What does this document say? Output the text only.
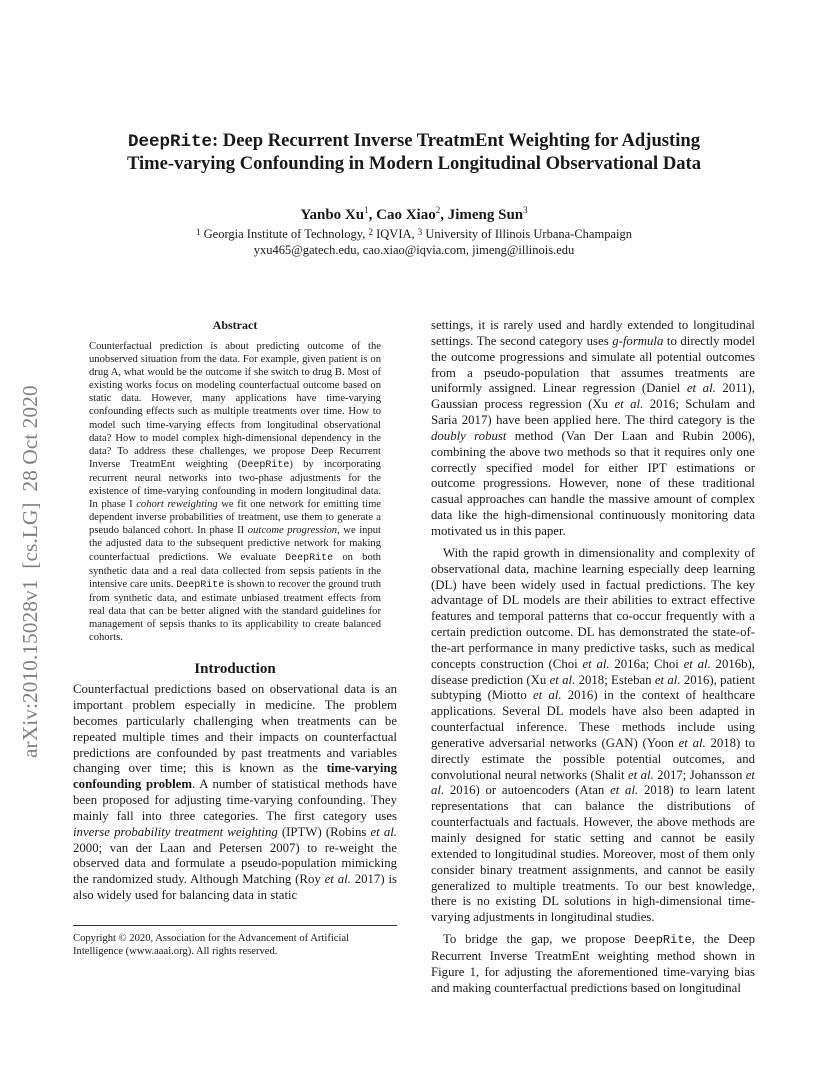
arXiv:2010.15028v1  [cs.LG]  28 Oct 2020
DeepRite: Deep Recurrent Inverse TreatmEnt Weighting for Adjusting
Time-varying Confounding in Modern Longitudinal Observational Data
Yanbo Xu$^1$, Cao Xiao$^2$, Jimeng Sun$^3$
$^1$ Georgia Institute of Technology, $^2$ IQVIA, $^3$ University of Illinois Urbana-Champaign
yxu465@gatech.edu, cao.xiao@iqvia.com, jimeng@illinois.edu
Abstract

Counterfactual prediction is about predicting outcome of the unobserved situation from the data. For example, given patient is on drug A, what would be the outcome if she switch to drug B. Most of existing works focus on modeling counterfactual outcome based on static data. However, many applications have time-varying confounding effects such as multiple treatments over time. How to model such time-varying effects from longitudinal observational data? How to model complex high-dimensional dependency in the data? To address these challenges, we propose Deep Recurrent Inverse TreatmEnt weighting (DeepRite) by incorporating recurrent neural networks into two-phase adjustments for the existence of time-varying confounding in modern longitudinal data. In phase I cohort reweighting we fit one network for emitting time dependent inverse probabilities of treatment, use them to generate a pseudo balanced cohort. In phase II outcome progression, we input the adjusted data to the subsequent predictive network for making counterfactual predictions. We evaluate DeepRite on both synthetic data and a real data collected from sepsis patients in the intensive care units. DeepRite is shown to recover the ground truth from synthetic data, and estimate unbiased treatment effects from real data that can be better aligned with the standard guidelines for management of sepsis thanks to its applicability to create balanced cohorts.

Introduction

Counterfactual predictions based on observational data is an important problem especially in medicine. The problem becomes particularly challenging when treatments can be repeated multiple times and their impacts on counterfactual predictions are confounded by past treatments and variables changing over time; this is known as the time-varying confounding problem. A number of statistical methods have been proposed for adjusting time-varying confounding. They mainly fall into three categories. The first category uses inverse probability treatment weighting (IPTW) (Robins et al. 2000; van der Laan and Petersen 2007) to re-weight the observed data and formulate a pseudo-population mimicking the randomized study. Although Matching (Roy et al. 2017) is also widely used for balancing data in static

Copyright © 2020, Association for the Advancement of Artificial Intelligence (www.aaai.org). All rights reserved.

settings, it is rarely used and hardly extended to longitudinal settings. The second category uses g-formula to directly model the outcome progressions and simulate all potential outcomes from a pseudo-population that assumes treatments are uniformly assigned. Linear regression (Daniel et al. 2011), Gaussian process regression (Xu et al. 2016; Schulam and Saria 2017) have been applied here. The third category is the doubly robust method (Van Der Laan and Rubin 2006), combining the above two methods so that it requires only one correctly specified model for either IPT estimations or outcome progressions. However, none of these traditional casual approaches can handle the massive amount of complex data like the high-dimensional continuously monitoring data motivated us in this paper.

With the rapid growth in dimensionality and complexity of observational data, machine learning especially deep learning (DL) have been widely used in factual predictions. The key advantage of DL models are their abilities to extract effective features and temporal patterns that co-occur frequently with a certain prediction outcome. DL has demonstrated the state-of-the-art performance in many predictive tasks, such as medical concepts construction (Choi et al. 2016a; Choi et al. 2016b), disease prediction (Xu et al. 2018; Esteban et al. 2016), patient subtyping (Miotto et al. 2016) in the context of healthcare applications. Several DL models have also been adapted in counterfactual inference. These methods include using generative adversarial networks (GAN) (Yoon et al. 2018) to directly estimate the possible potential outcomes, and convolutional neural networks (Shalit et al. 2017; Johansson et al. 2016) or autoencoders (Atan et al. 2018) to learn latent representations that can balance the distributions of counterfactuals and factuals. However, the above methods are mainly designed for static setting and cannot be easily extended to longitudinal studies. Moreover, most of them only consider binary treatment assignments, and cannot be easily generalized to multiple treatments. To our best knowledge, there is no existing DL solutions in high-dimensional time-varying adjustments in longitudinal studies.

To bridge the gap, we propose DeepRite, the Deep Recurrent Inverse TreatmEnt weighting method shown in Figure 1, for adjusting the aforementioned time-varying bias and making counterfactual predictions based on longitudinal
